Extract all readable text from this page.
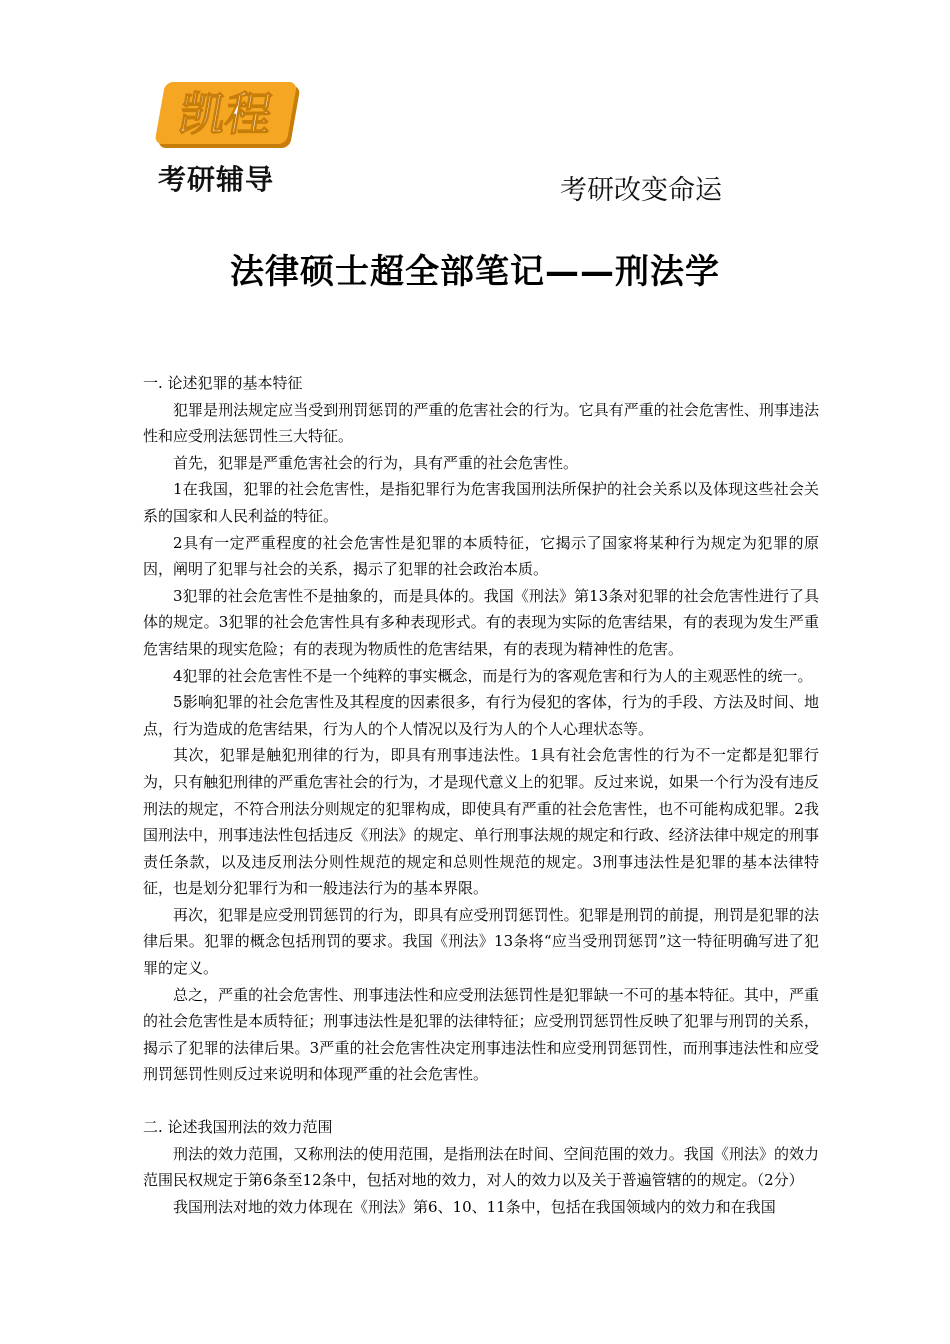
凯程
考研辅导	考研改变命运
法律硕士超全部笔记——刑法学

一. 论述犯罪的基本特征

犯罪是刑法规定应当受到刑罚惩罚的严重的危害社会的行为。它具有严重的社会危害性、刑事违法性和应受刑法惩罚性三大特征。

首先，犯罪是严重危害社会的行为，具有严重的社会危害性。

1在我国，犯罪的社会危害性，是指犯罪行为危害我国刑法所保护的社会关系以及体现这些社会关系的国家和人民利益的特征。

2具有一定严重程度的社会危害性是犯罪的本质特征，它揭示了国家将某种行为规定为犯罪的原因，阐明了犯罪与社会的关系，揭示了犯罪的社会政治本质。

3犯罪的社会危害性不是抽象的，而是具体的。我国《刑法》第13条对犯罪的社会危害性进行了具体的规定。3犯罪的社会危害性具有多种表现形式。有的表现为实际的危害结果，有的表现为发生严重危害结果的现实危险；有的表现为物质性的危害结果，有的表现为精神性的危害。

4犯罪的社会危害性不是一个纯粹的事实概念，而是行为的客观危害和行为人的主观恶性的统一。

5影响犯罪的社会危害性及其程度的因素很多，有行为侵犯的客体，行为的手段、方法及时间、地点，行为造成的危害结果，行为人的个人情况以及行为人的个人心理状态等。

其次，犯罪是触犯刑律的行为，即具有刑事违法性。1具有社会危害性的行为不一定都是犯罪行为，只有触犯刑律的严重危害社会的行为，才是现代意义上的犯罪。反过来说，如果一个行为没有违反刑法的规定，不符合刑法分则规定的犯罪构成，即使具有严重的社会危害性，也不可能构成犯罪。2我国刑法中，刑事违法性包括违反《刑法》的规定、单行刑事法规的规定和行政、经济法律中规定的刑事责任条款，以及违反刑法分则性规范的规定和总则性规范的规定。3刑事违法性是犯罪的基本法律特征，也是划分犯罪行为和一般违法行为的基本界限。

再次，犯罪是应受刑罚惩罚的行为，即具有应受刑罚惩罚性。犯罪是刑罚的前提，刑罚是犯罪的法律后果。犯罪的概念包括刑罚的要求。我国《刑法》13条将“应当受刑罚惩罚”这一特征明确写进了犯罪的定义。

总之，严重的社会危害性、刑事违法性和应受刑法惩罚性是犯罪缺一不可的基本特征。其中，严重的社会危害性是本质特征；刑事违法性是犯罪的法律特征；应受刑罚惩罚性反映了犯罪与刑罚的关系，揭示了犯罪的法律后果。3严重的社会危害性决定刑事违法性和应受刑罚惩罚性，而刑事违法性和应受刑罚惩罚性则反过来说明和体现严重的社会危害性。

二. 论述我国刑法的效力范围

刑法的效力范围，又称刑法的使用范围，是指刑法在时间、空间范围的效力。我国《刑法》的效力范围民权规定于第6条至12条中，包括对地的效力，对人的效力以及关于普遍管辖的的规定。（2分）

我国刑法对地的效力体现在《刑法》第6、10、11条中，包括在我国领域内的效力和在我国
